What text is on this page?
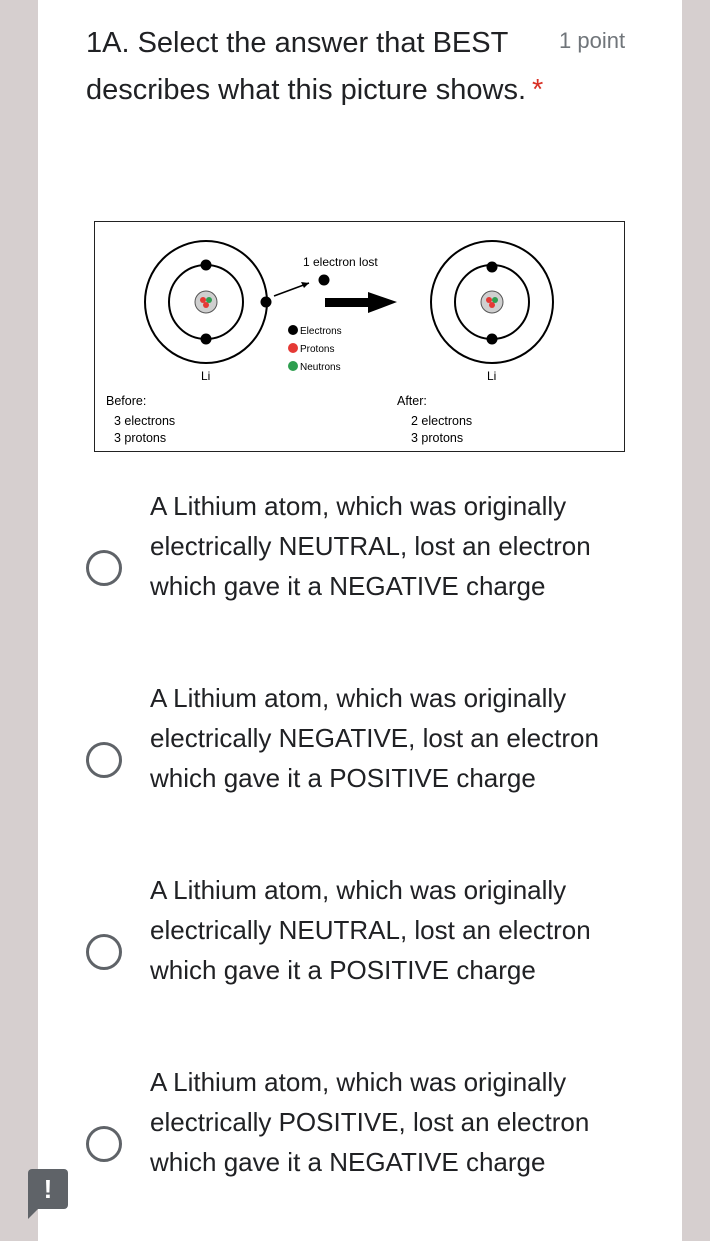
1A. Select the answer that BEST describes what this picture shows. *
1 point
Li
1 electron lost
Electrons
Protons
Neutrons
Li
Before:
3 electrons
3 protons
After:
2 electrons
3 protons
A Lithium atom, which was originally electrically NEUTRAL, lost an electron which gave it a NEGATIVE charge
A Lithium atom, which was originally electrically NEGATIVE, lost an electron which gave it a POSITIVE charge
A Lithium atom, which was originally electrically NEUTRAL, lost an electron which gave it a POSITIVE charge
A Lithium atom, which was originally electrically POSITIVE, lost an electron which gave it a NEGATIVE charge
!
